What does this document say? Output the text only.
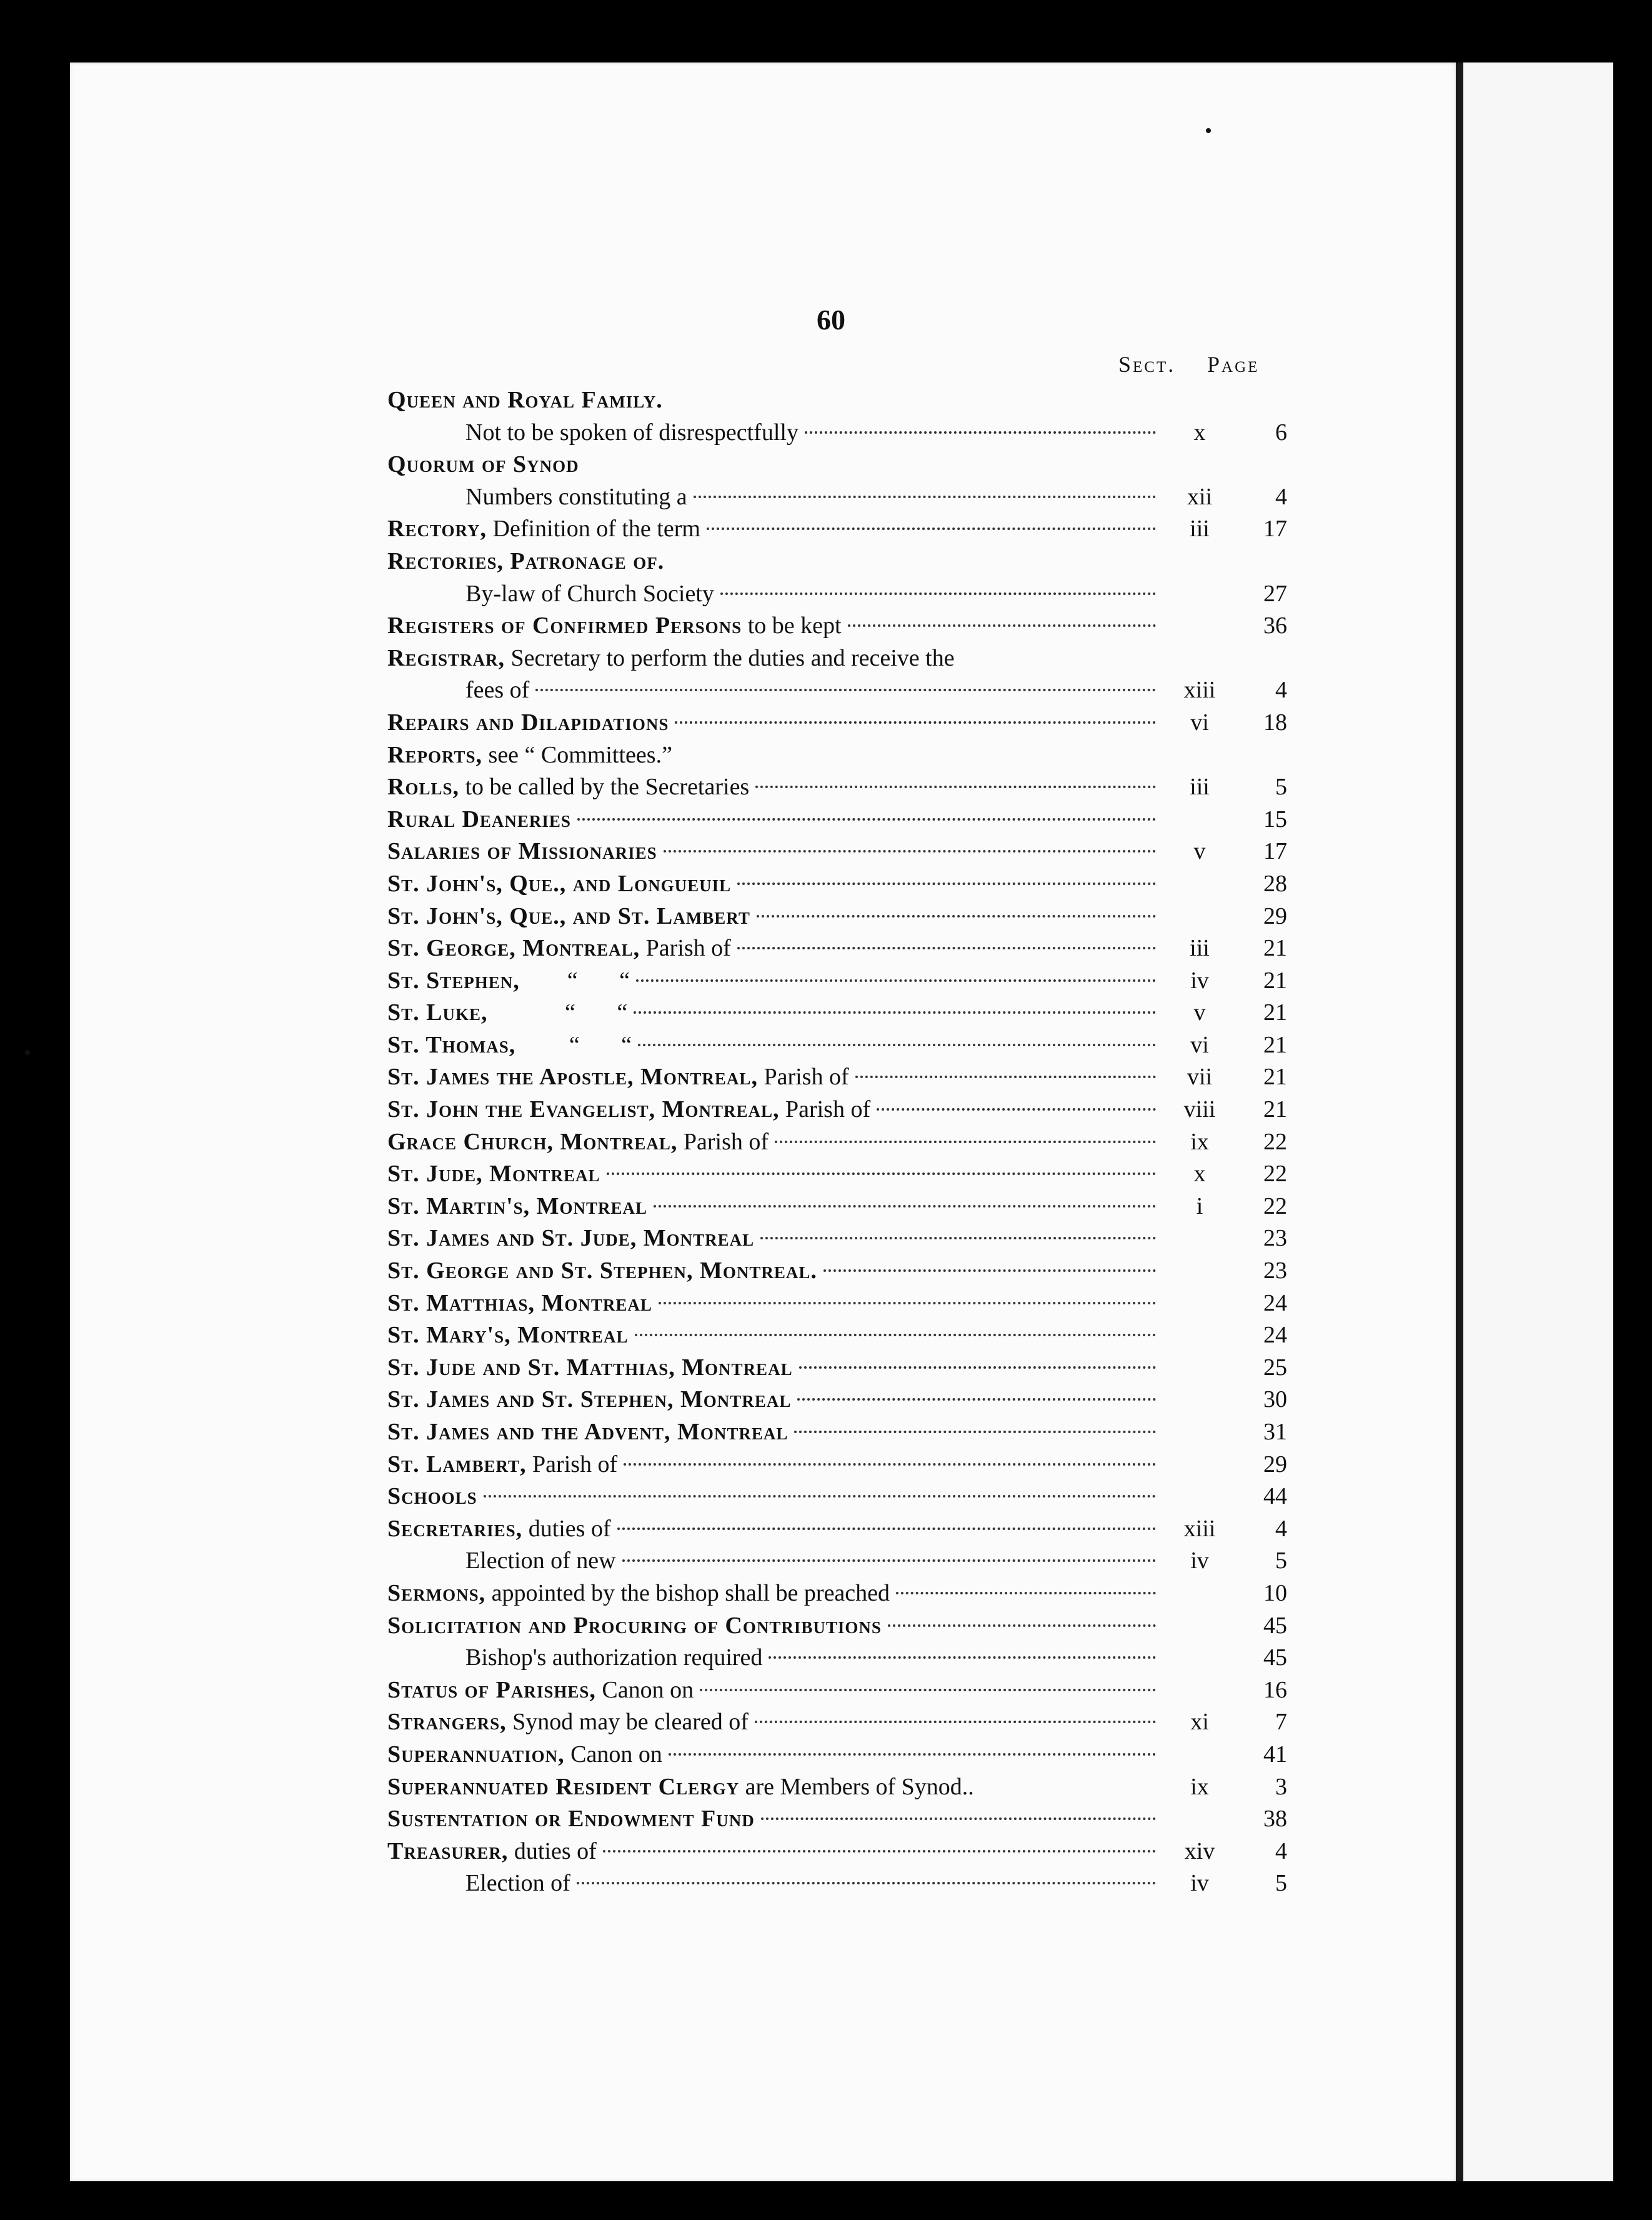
60
Sect. Page
Queen and Royal Family.
Not to be spoken of disrespectfully	x	6
Quorum of Synod
Numbers constituting a	xii	4
Rectory, Definition of the term	iii	17
Rectories, Patronage of.
By-law of Church Society	27
Registers of Confirmed Persons to be kept	36
Registrar, Secretary to perform the duties and receive the
fees of	xiii	4
Repairs and Dilapidations	vi	18
Reports, see “ Committees.”
Rolls, to be called by the Secretaries	iii	5
Rural Deaneries	15
Salaries of Missionaries	v	17
St. John's, Que., and Longueuil	28
St. John's, Que., and St. Lambert	29
St. George, Montreal, Parish of	iii	21
St. Stephen,        “       “	iv	21
St. Luke,             “       “	v	21
St. Thomas,         “       “	vi	21
St. James the Apostle, Montreal, Parish of	vii	21
St. John the Evangelist, Montreal, Parish of	viii	21
Grace Church, Montreal, Parish of	ix	22
St. Jude, Montreal	x	22
St. Martin's, Montreal	i	22
St. James and St. Jude, Montreal	23
St. George and St. Stephen, Montreal.	23
St. Matthias, Montreal	24
St. Mary's, Montreal	24
St. Jude and St. Matthias, Montreal	25
St. James and St. Stephen, Montreal	30
St. James and the Advent, Montreal	31
St. Lambert, Parish of	29
Schools	44
Secretaries, duties of	xiii	4
Election of new	iv	5
Sermons, appointed by the bishop shall be preached	10
Solicitation and Procuring of Contributions	45
Bishop's authorization required	45
Status of Parishes, Canon on	16
Strangers, Synod may be cleared of	xi	7
Superannuation, Canon on	41
Superannuated Resident Clergy are Members of Synod..	ix	3
Sustentation or Endowment Fund	38
Treasurer, duties of	xiv	4
Election of	iv	5
